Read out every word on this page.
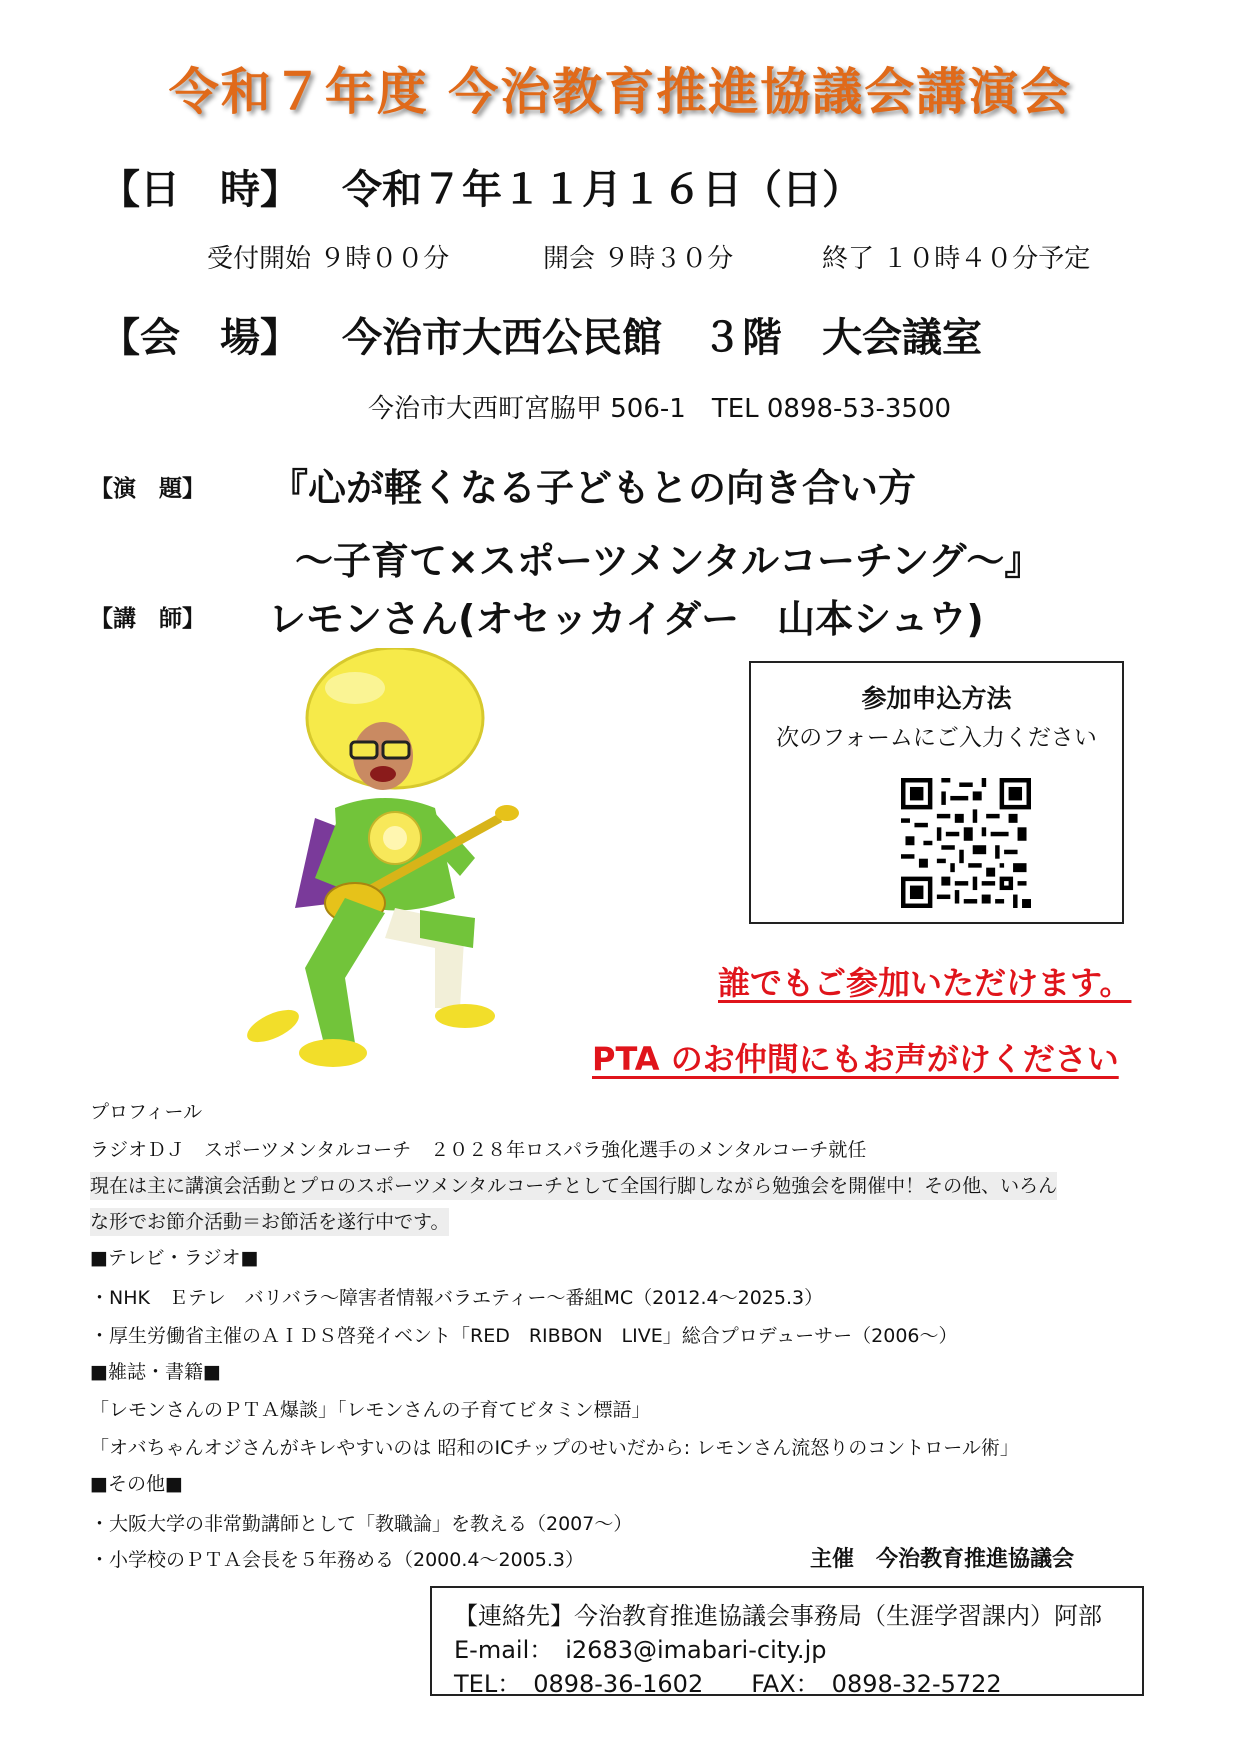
令和７年度 今治教育推進協議会講演会
【日　時】 令和７年１１月１６日（日）
受付開始 ９時００分	開会 ９時３０分	終了 １０時４０分予定
【会　場】 今治市大西公民館　３階　大会議室
今治市大西町宮脇甲 506-1　TEL 0898-53-3500
【演　題】 『心が軽くなる子どもとの向き合い方
～子育て×スポーツメンタルコーチング～』
【講　師】 レモンさん(オセッカイダー　山本シュウ)
参加申込方法
次のフォームにご入力ください
誰でもご参加いただけます。
PTA のお仲間にもお声がけください
プロフィール
ラジオＤＪ　スポーツメンタルコーチ　２０２８年ロスパラ強化選手のメンタルコーチ就任
現在は主に講演会活動とプロのスポーツメンタルコーチとして全国行脚しながら勉強会を開催中！その他、いろん
な形でお節介活動＝お節活を遂行中です。
■テレビ・ラジオ■
・NHK　Ｅテレ　バリバラ～障害者情報バラエティー～番組MC（2012.4～2025.3）
・厚生労働省主催のＡＩＤＳ啓発イベント「RED　RIBBON　LIVE」総合プロデューサー（2006～）
■雑誌・書籍■
「レモンさんのＰＴＡ爆談」「レモンさんの子育てビタミン標語」
「オバちゃんオジさんがキレやすいのは 昭和のICチップのせいだから: レモンさん流怒りのコントロール術」
■その他■
・大阪大学の非常勤講師として「教職論」を教える（2007～）
・小学校のＰＴＡ会長を５年務める（2000.4～2005.3）	主催　今治教育推進協議会
【連絡先】今治教育推進協議会事務局（生涯学習課内）阿部
E-mail：　i2683@imabari-city.jp
TEL：　0898-36-1602　　FAX：　0898-32-5722
